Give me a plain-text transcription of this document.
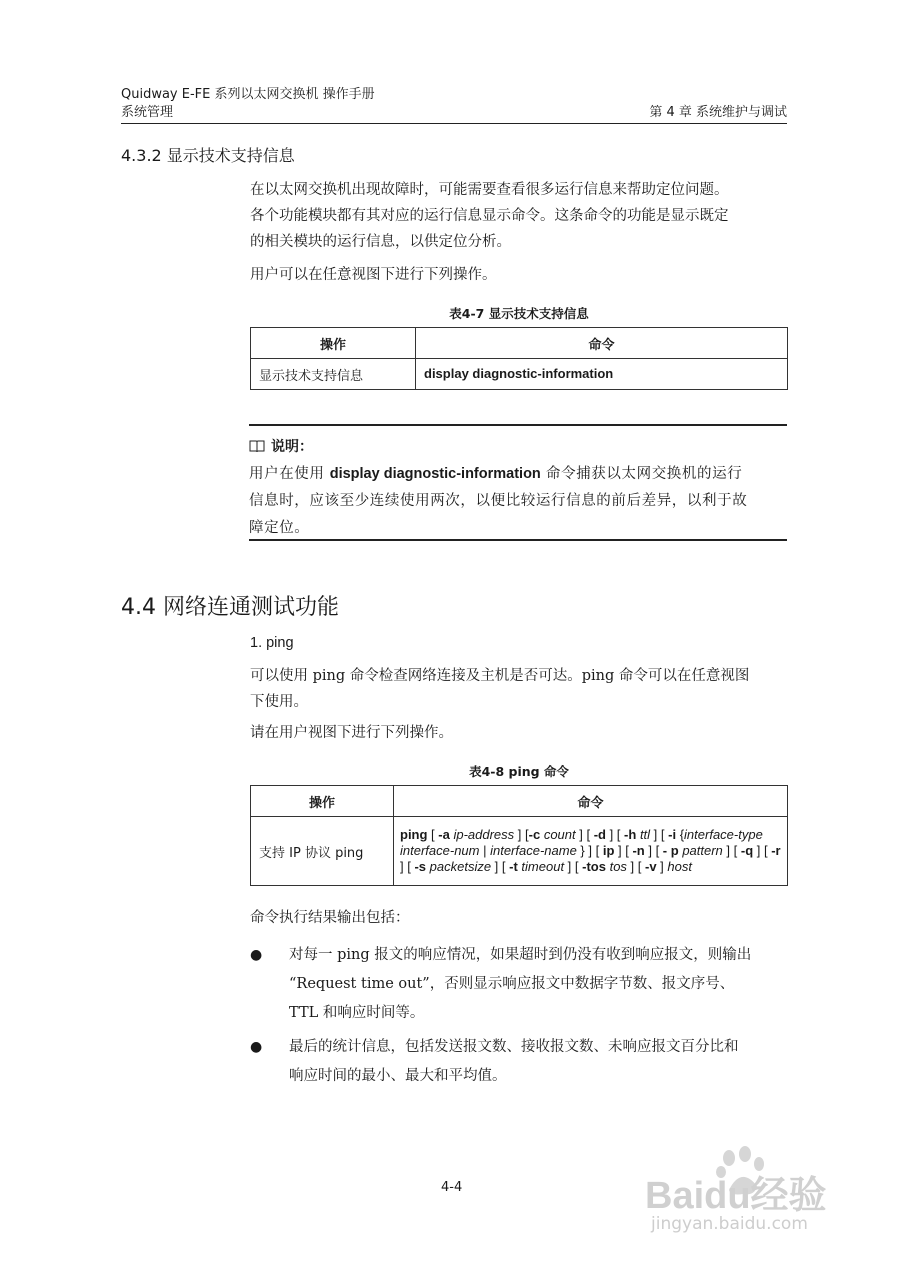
Quidway E-FE 系列以太网交换机 操作手册
系统管理	第 4 章 系统维护与调试
4.3.2 显示技术支持信息
在以太网交换机出现故障时，可能需要查看很多运行信息来帮助定位问题。
各个功能模块都有其对应的运行信息显示命令。这条命令的功能是显示既定
的相关模块的运行信息，以供定位分析。
用户可以在任意视图下进行下列操作。
表4-7 显示技术支持信息
操作	命令
显示技术支持信息	display diagnostic-information
说明：
用户在使用 display diagnostic-information 命令捕获以太网交换机的运行
信息时，应该至少连续使用两次，以便比较运行信息的前后差异，以利于故
障定位。
4.4 网络连通测试功能
1. ping
可以使用 ping 命令检查网络连接及主机是否可达。ping 命令可以在任意视图
下使用。
请在用户视图下进行下列操作。
表4-8 ping 命令
操作	命令
支持 IP 协议 ping	ping [ -a ip-address ] [-c count ] [ -d ] [ -h ttl ] [ -i {interface-type interface-num | interface-name } ] [ ip ] [ -n ] [ - p pattern ] [ -q ] [ -r ] [ -s packetsize ] [ -t timeout ] [ -tos tos ] [ -v ] host
命令执行结果输出包括：
● 对每一 ping 报文的响应情况，如果超时到仍没有收到响应报文，则输出
“Request time out”，否则显示响应报文中数据字节数、报文序号、
TTL 和响应时间等。
● 最后的统计信息，包括发送报文数、接收报文数、未响应报文百分比和
响应时间的最小、最大和平均值。
4-4	Baidu经验
jingyan.baidu.com
